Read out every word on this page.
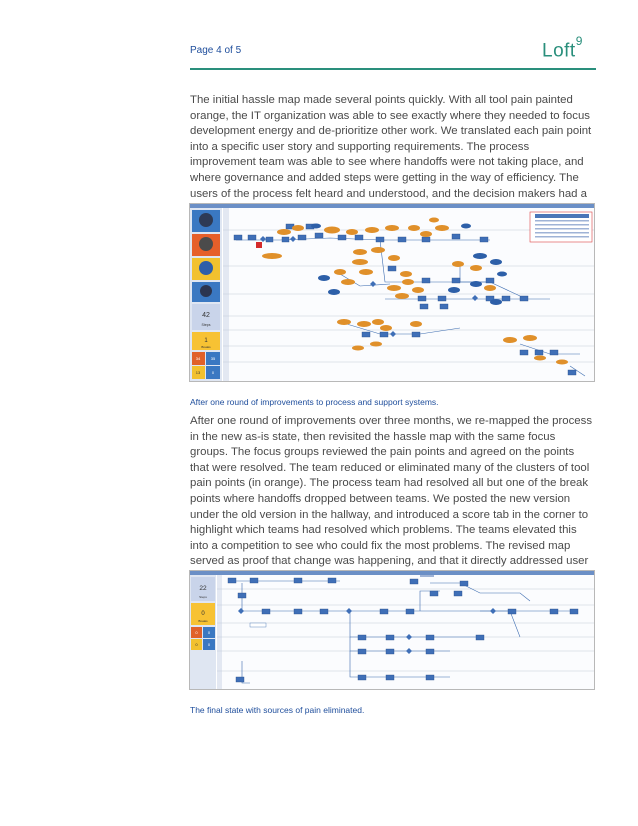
Page 4 of 5	Loft$^9$

The initial hassle map made several points quickly. With all tool pain painted orange, the IT organization was able to see exactly where they needed to focus development energy and de-prioritize other work. We translated each pain point into a specific user story and supporting requirements. The process improvement team was able to see where handoffs were not taking place, and where governance and added steps were getting in the way of efficiency. The users of the process felt heard and understood, and the decision makers had a

42
Steps
1
Breaks
34	35
13	0
After one round of improvements to process and support systems.

After one round of improvements over three months, we re-mapped the process in the new as-is state, then revisited the hassle map with the same focus groups. The focus groups reviewed the pain points and agreed on the points that were resolved. The team reduced or eliminated many of the clusters of tool pain points (in orange). The process team had resolved all but one of the break points where handoffs dropped between teams. We posted the new version under the old version in the hallway, and introduced a score tab in the corner to highlight which teams had resolved which problems. The teams elevated this into a competition to see who could fix the most problems. The revised map served as proof that change was happening, and that it directly addressed user

22
Steps
0
Breaks
0	0
0	0
The final state with sources of pain eliminated.
